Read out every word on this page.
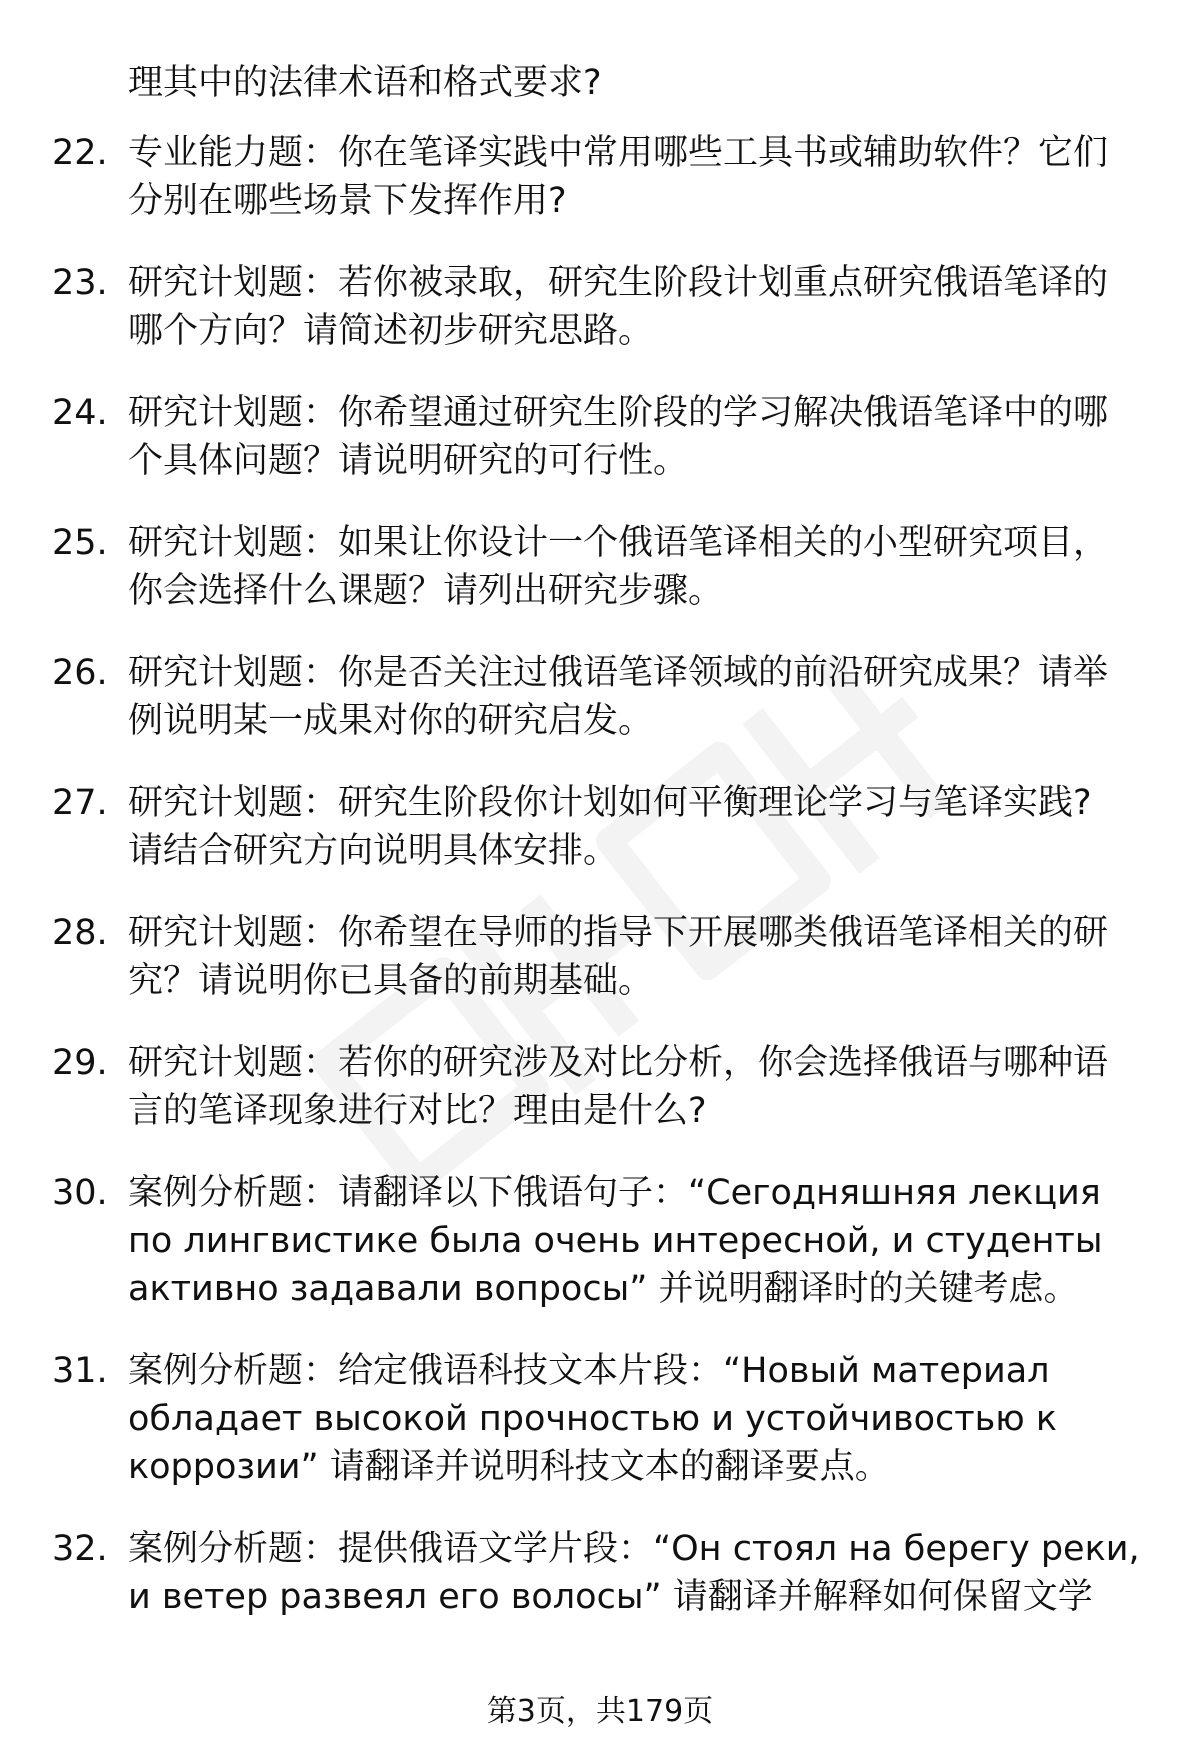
理其中的法律术语和格式要求?
22. 专业能力题：你在笔译实践中常用哪些工具书或辅助软件？它们
分别在哪些场景下发挥作用?
23. 研究计划题：若你被录取，研究生阶段计划重点研究俄语笔译的
哪个方向？请简述初步研究思路。
24. 研究计划题：你希望通过研究生阶段的学习解决俄语笔译中的哪
个具体问题？请说明研究的可行性。
25. 研究计划题：如果让你设计一个俄语笔译相关的小型研究项目，
你会选择什么课题？请列出研究步骤。
26. 研究计划题：你是否关注过俄语笔译领域的前沿研究成果？请举
例说明某一成果对你的研究启发。
27. 研究计划题：研究生阶段你计划如何平衡理论学习与笔译实践?
请结合研究方向说明具体安排。
28. 研究计划题：你希望在导师的指导下开展哪类俄语笔译相关的研
究？请说明你已具备的前期基础。
29. 研究计划题：若你的研究涉及对比分析，你会选择俄语与哪种语
言的笔译现象进行对比？理由是什么?
30. 案例分析题：请翻译以下俄语句子：“Сегодняшняя лекция
по лингвистике была очень интересной, и студенты
активно задавали вопросы” 并说明翻译时的关键考虑。
31. 案例分析题：给定俄语科技文本片段：“Новый материал
обладает высокой прочностью и устойчивостью к
коррозии” 请翻译并说明科技文本的翻译要点。
32. 案例分析题：提供俄语文学片段：“Он стоял на берегу реки,
и ветер развеял его волосы” 请翻译并解释如何保留文学
第3页，共179页
